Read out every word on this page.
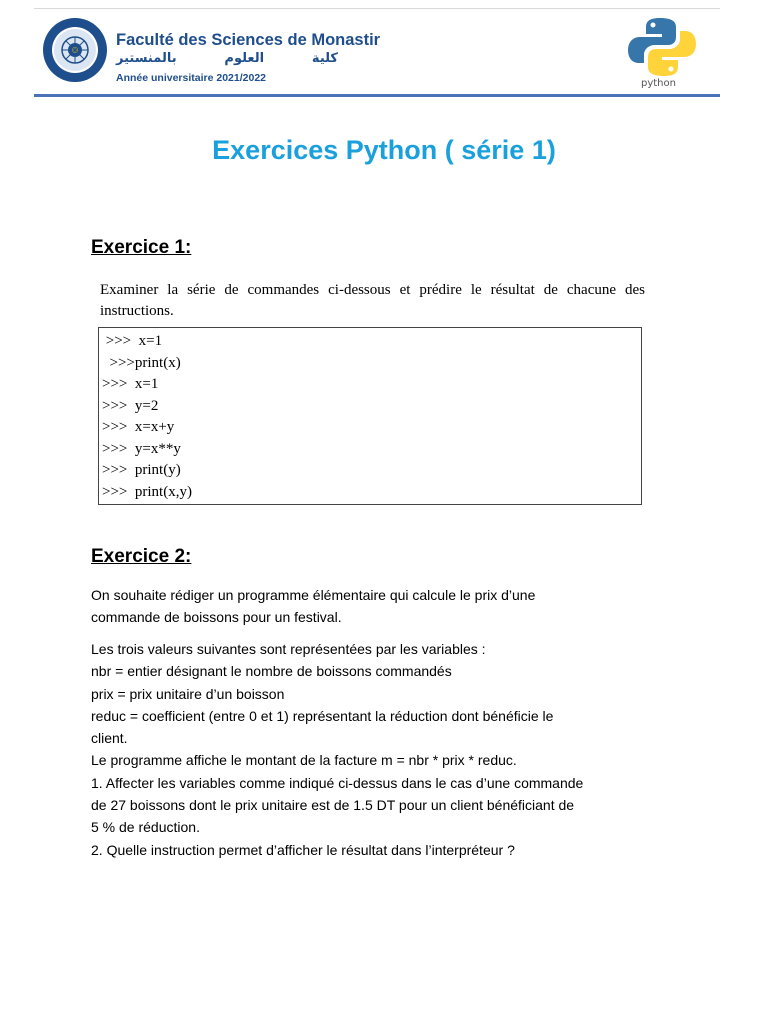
Faculté des Sciences de Monastir
كلية العلوم بالمنستير
Année universitaire 2021/2022	python
Exercices Python ( série 1)
Exercice 1:
Examiner la série de commandes ci-dessous et prédire le résultat de chacune des instructions.
>>>  x=1
>>>print(x)
>>>  x=1
>>>  y=2
>>>  x=x+y
>>>  y=x**y
>>>  print(y)
>>>  print(x,y)
Exercice 2:

On souhaite rédiger un programme élémentaire qui calcule le prix d’une

commande de boissons pour un festival.

Les trois valeurs suivantes sont représentées par les variables :

nbr = entier désignant le nombre de boissons commandés

prix = prix unitaire d’un boisson

reduc = coefficient (entre 0 et 1) représentant la réduction dont bénéficie le

client.

Le programme affiche le montant de la facture m = nbr * prix * reduc.

1. Affecter les variables comme indiqué ci-dessus dans le cas d’une commande

de 27 boissons dont le prix unitaire est de 1.5 DT pour un client bénéficiant de

5 % de réduction.

2. Quelle instruction permet d’afficher le résultat dans l’interpréteur ?
